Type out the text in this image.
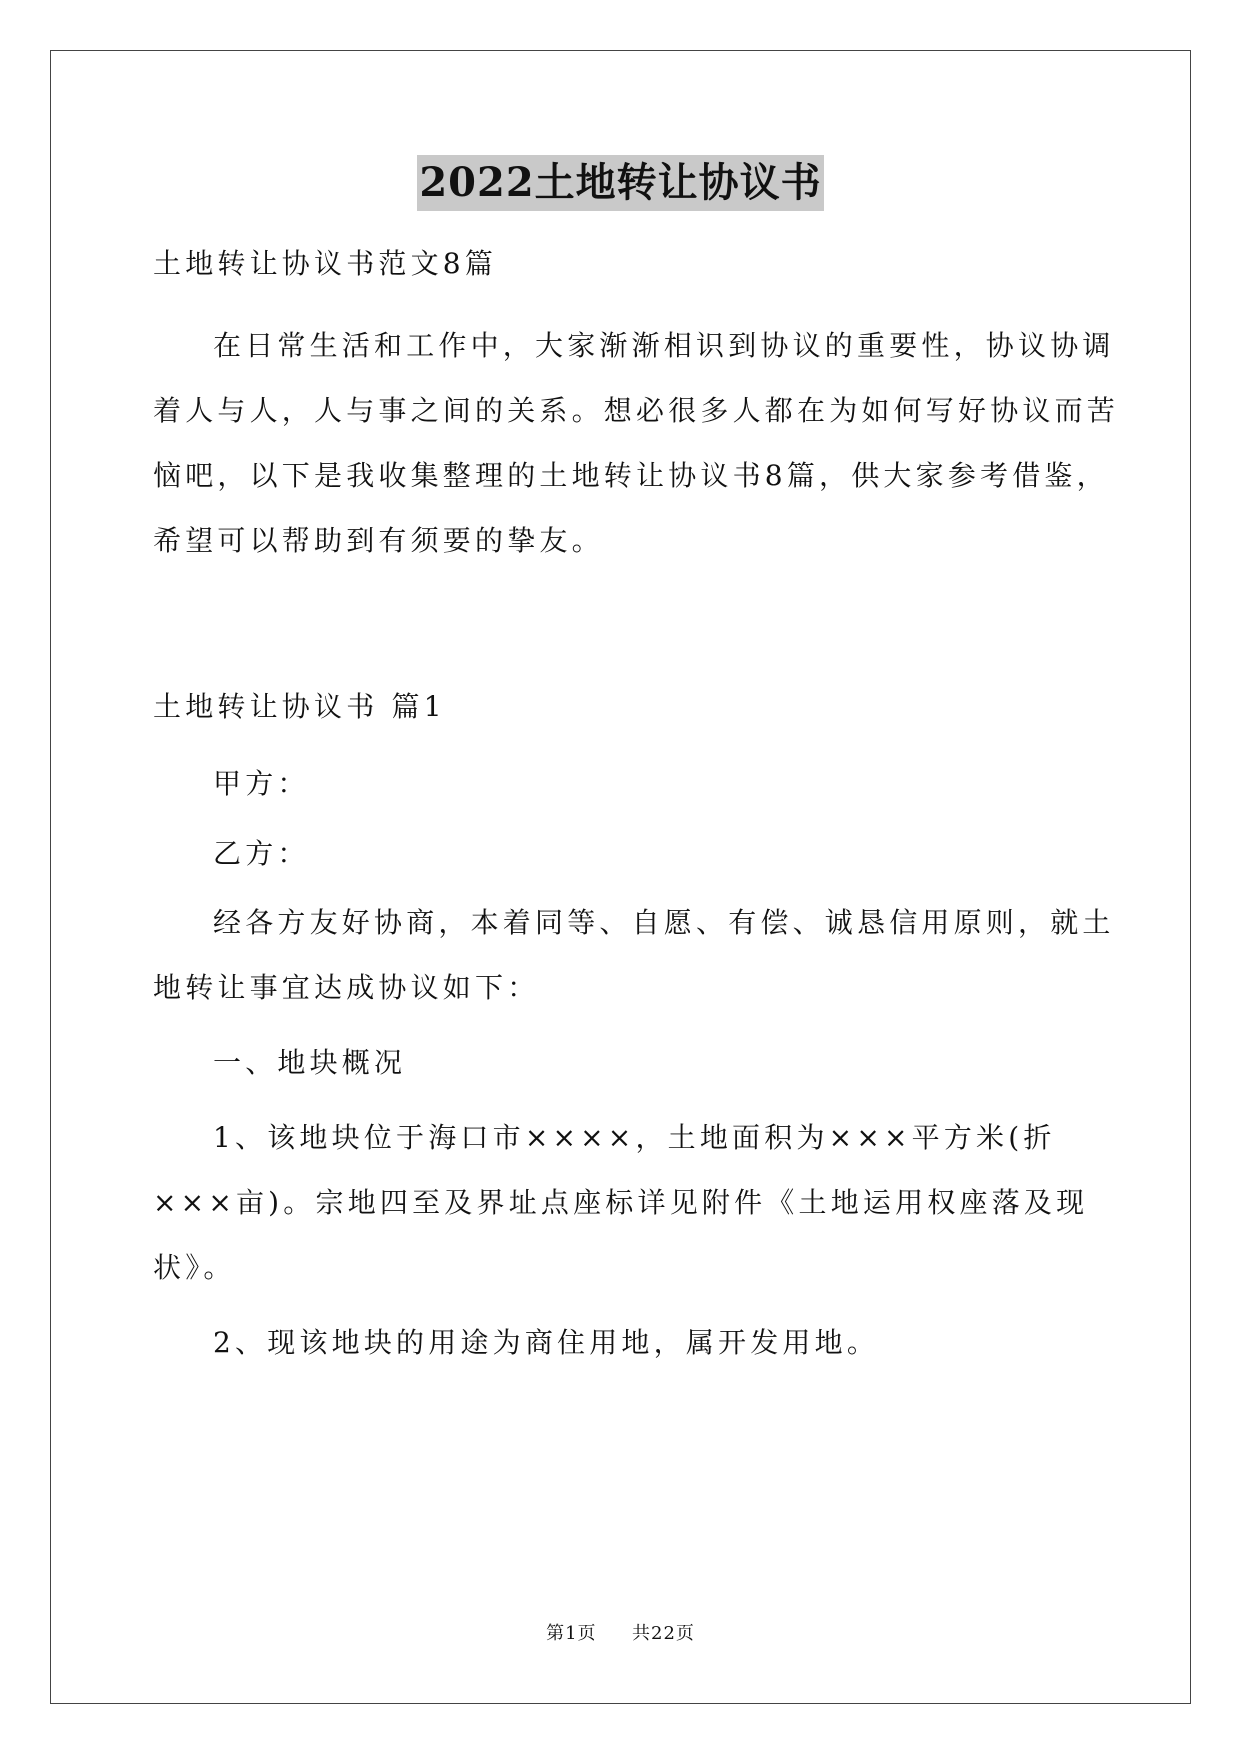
2022土地转让协议书
土地转让协议书范文8篇
在日常生活和工作中，大家渐渐相识到协议的重要性，协议协调
着人与人，人与事之间的关系。想必很多人都在为如何写好协议而苦
恼吧，以下是我收集整理的土地转让协议书8篇，供大家参考借鉴，
希望可以帮助到有须要的挚友。
土地转让协议书 篇1
甲方：
乙方：
经各方友好协商，本着同等、自愿、有偿、诚恳信用原则，就土
地转让事宜达成协议如下：
一、地块概况
1、该地块位于海口市××××，土地面积为×××平方米(折
×××亩)。宗地四至及界址点座标详见附件《土地运用权座落及现
状》。
2、现该地块的用途为商住用地，属开发用地。
第1页 共22页
